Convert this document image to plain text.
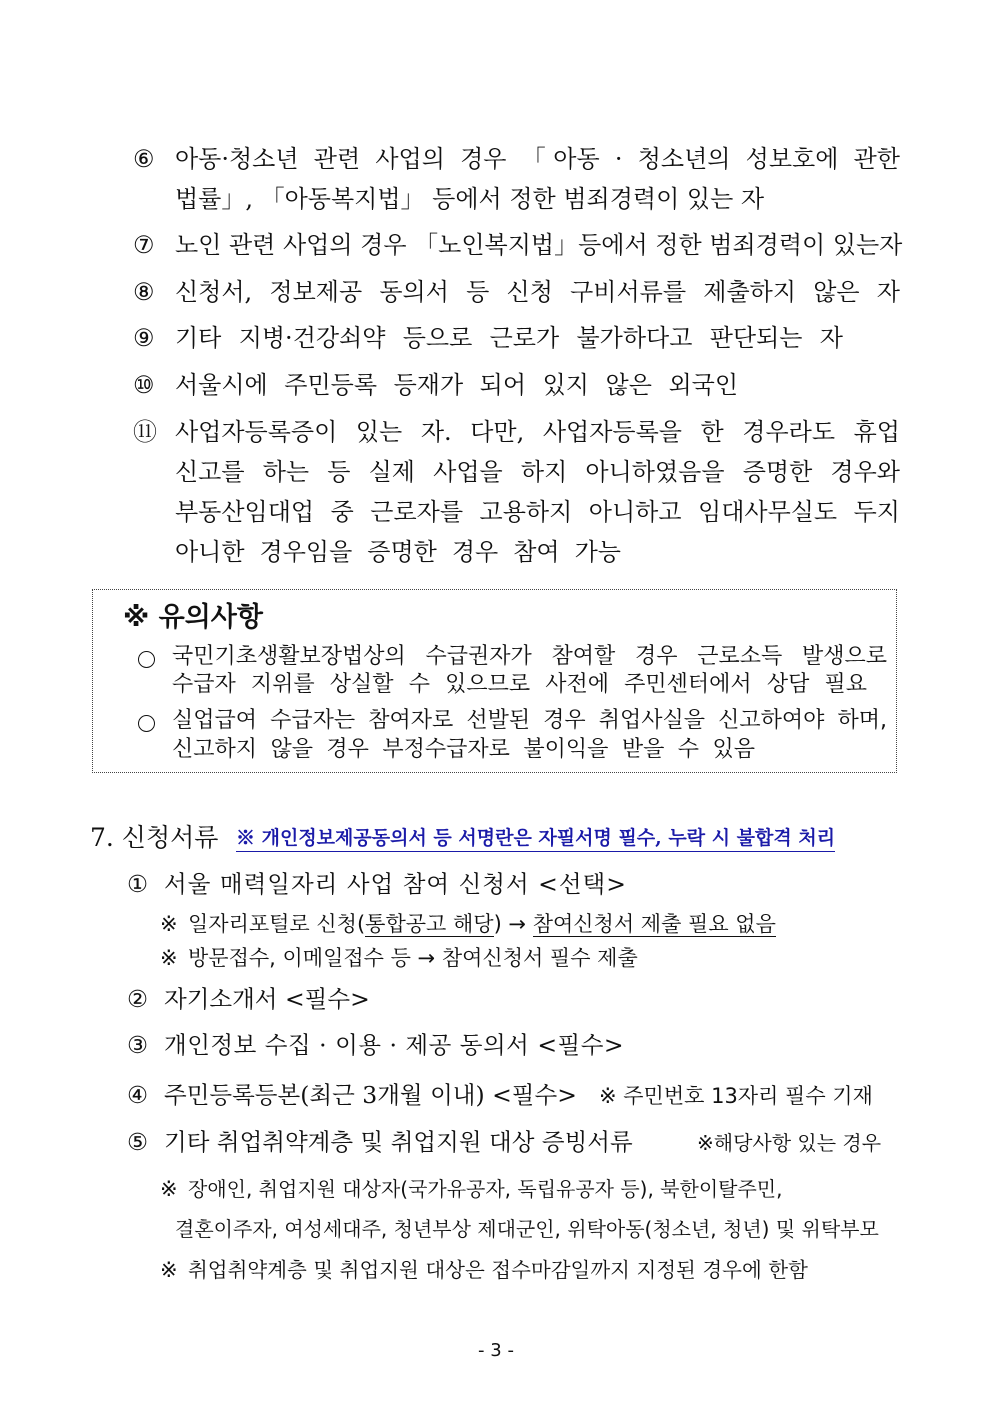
⑥ 아동·청소년 관련 사업의 경우 「아동 · 청소년의 성보호에 관한
법률」, 「아동복지법」 등에서 정한 범죄경력이 있는 자
⑦ 노인 관련 사업의 경우 「노인복지법」등에서 정한 범죄경력이 있는자
⑧ 신청서, 정보제공 동의서 등 신청 구비서류를 제출하지 않은 자
⑨ 기타 지병·건강쇠약 등으로 근로가 불가하다고 판단되는 자
⑩ 서울시에 주민등록 등재가 되어 있지 않은 외국인
⑪ 사업자등록증이 있는 자. 다만, 사업자등록을 한 경우라도 휴업
신고를 하는 등 실제 사업을 하지 아니하였음을 증명한 경우와
부동산임대업 중 근로자를 고용하지 아니하고 임대사무실도 두지
아니한 경우임을 증명한 경우 참여 가능
※ 유의사항
국민기초생활보장법상의 수급권자가 참여할 경우 근로소득 발생으로
수급자 지위를 상실할 수 있으므로 사전에 주민센터에서 상담 필요
실업급여 수급자는 참여자로 선발된 경우 취업사실을 신고하여야 하며,
신고하지 않을 경우 부정수급자로 불이익을 받을 수 있음
7. 신청서류 ※ 개인정보제공동의서 등 서명란은 자필서명 필수, 누락 시 불합격 처리
① 서울 매력일자리 사업 참여 신청서 <선택>
※ 일자리포털로 신청(통합공고 해당) → 참여신청서 제출 필요 없음
※ 방문접수, 이메일접수 등 → 참여신청서 필수 제출
② 자기소개서 <필수>
③ 개인정보 수집 · 이용 · 제공 동의서 <필수>
④ 주민등록등본(최근 3개월 이내) <필수> ※ 주민번호 13자리 필수 기재
⑤ 기타 취업취약계층 및 취업지원 대상 증빙서류	※해당사항 있는 경우
※ 장애인, 취업지원 대상자(국가유공자, 독립유공자 등), 북한이탈주민,
결혼이주자, 여성세대주, 청년부상 제대군인, 위탁아동(청소년, 청년) 및 위탁부모
※ 취업취약계층 및 취업지원 대상은 접수마감일까지 지정된 경우에 한함
- 3 -
